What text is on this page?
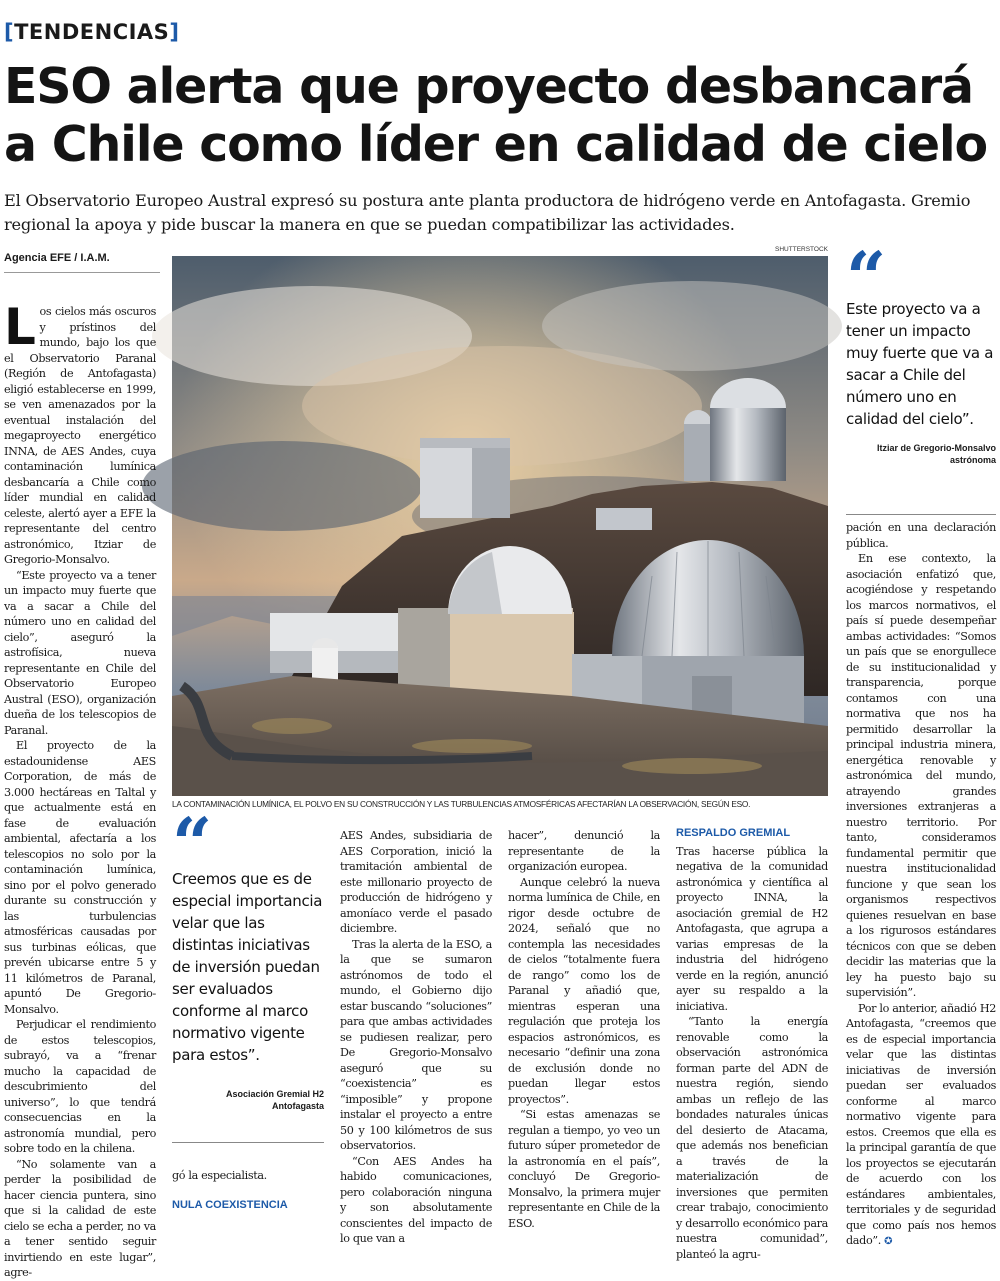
[TENDENCIAS]
ESO alerta que proyecto desbancará a Chile como líder en calidad de cielo

El Observatorio Europeo Austral expresó su postura ante planta productora de hidrógeno verde en Antofagasta. Gremio regional la apoya y pide buscar la manera en que se puedan compatibilizar las actividades.

Agencia EFE / I.A.M.
SHUTTERSTOCK
LA CONTAMINACIÓN LUMÍNICA, EL POLVO EN SU CONSTRUCCIÓN Y LAS TURBULENCIAS ATMOSFÉRICAS AFECTARÍAN LA OBSERVACIÓN, SEGÚN ESO.
“
Este proyecto va a tener un impacto muy fuerte que va a sacar a Chile del número uno en calidad del cielo”.
Itziar de Gregorio-Monsalvo
astrónoma

Los cielos más oscuros y prístinos del mundo, bajo los que el Observatorio Paranal (Región de Antofagasta) eligió establecerse en 1999, se ven amenazados por la eventual instalación del megaproyecto energético INNA, de AES Andes, cuya contaminación lumínica desbancaría a Chile como líder mundial en calidad celeste, alertó ayer a EFE la representante del centro astronómico, Itziar de Gregorio-Monsalvo.

“Este proyecto va a tener un impacto muy fuerte que va a sacar a Chile del número uno en calidad del cielo”, aseguró la astrofísica, nueva representante en Chile del Observatorio Europeo Austral (ESO), organización dueña de los telescopios de Paranal.

El proyecto de la estadounidense AES Corporation, de más de 3.000 hectáreas en Taltal y que actualmente está en fase de evaluación ambiental, afectaría a los telescopios no solo por la contaminación lumínica, sino por el polvo generado durante su construcción y las turbulencias atmosféricas causadas por sus turbinas eólicas, que prevén ubicarse entre 5 y 11 kilómetros de Paranal, apuntó De Gregorio-Monsalvo.

Perjudicar el rendimiento de estos telescopios, subrayó, va a “frenar mucho la capacidad de descubrimiento del universo”, lo que tendrá consecuencias en la astronomía mundial, pero sobre todo en la chilena.

“No solamente van a perder la posibilidad de hacer ciencia puntera, sino que si la calidad de este cielo se echa a perder, no va a tener sentido seguir invirtiendo en este lugar”, agre-

“
Creemos que es de especial importancia velar que las distintas iniciativas de inversión puedan ser evaluados conforme al marco normativo vigente para estos”.
Asociación Gremial H2
Antofagasta

gó la especialista.

NULA COEXISTENCIA

AES Andes, subsidiaria de AES Corporation, inició la tramitación ambiental de este millonario proyecto de producción de hidrógeno y amoníaco verde el pasado diciembre.

Tras la alerta de la ESO, a la que se sumaron astrónomos de todo el mundo, el Gobierno dijo estar buscando “soluciones” para que ambas actividades se pudiesen realizar, pero De Gregorio-Monsalvo aseguró que su “coexistencia” es “imposible” y propone instalar el proyecto a entre 50 y 100 kilómetros de sus observatorios.

“Con AES Andes ha habido comunicaciones, pero colaboración ninguna y son absolutamente conscientes del impacto de lo que van a

hacer”, denunció la representante de la organización europea.

Aunque celebró la nueva norma lumínica de Chile, en rigor desde octubre de 2024, señaló que no contempla las necesidades de cielos “totalmente fuera de rango” como los de Paranal y añadió que, mientras esperan una regulación que proteja los espacios astronómicos, es necesario “definir una zona de exclusión donde no puedan llegar estos proyectos”.

“Si estas amenazas se regulan a tiempo, yo veo un futuro súper prometedor de la astronomía en el país”, concluyó De Gregorio-Monsalvo, la primera mujer representante en Chile de la ESO.

RESPALDO GREMIAL

Tras hacerse pública la negativa de la comunidad astronómica y científica al proyecto INNA, la asociación gremial de H2 Antofagasta, que agrupa a varias empresas de la industria del hidrógeno verde en la región, anunció ayer su respaldo a la iniciativa.

“Tanto la energía renovable como la observación astronómica forman parte del ADN de nuestra región, siendo ambas un reflejo de las bondades naturales únicas del desierto de Atacama, que además nos benefician a través de la materialización de inversiones que permiten crear trabajo, conocimiento y desarrollo económico para nuestra comunidad”, planteó la agru-

pación en una declaración pública.

En ese contexto, la asociación enfatizó que, acogiéndose y respetando los marcos normativos, el país sí puede desempeñar ambas actividades: “Somos un país que se enorgullece de su institucionalidad y transparencia, porque contamos con una normativa que nos ha permitido desarrollar la principal industria minera, energética renovable y astronómica del mundo, atrayendo grandes inversiones extranjeras a nuestro territorio. Por tanto, consideramos fundamental permitir que nuestra institucionalidad funcione y que sean los organismos respectivos quienes resuelvan en base a los rigurosos estándares técnicos con que se deben decidir las materias que la ley ha puesto bajo su supervisión”.

Por lo anterior, añadió H2 Antofagasta, “creemos que es de especial importancia velar que las distintas iniciativas de inversión puedan ser evaluados conforme al marco normativo vigente para estos. Creemos que ella es la principal garantía de que los proyectos se ejecutarán de acuerdo con los estándares ambientales, territoriales y de seguridad que como país nos hemos dado”. ✪
